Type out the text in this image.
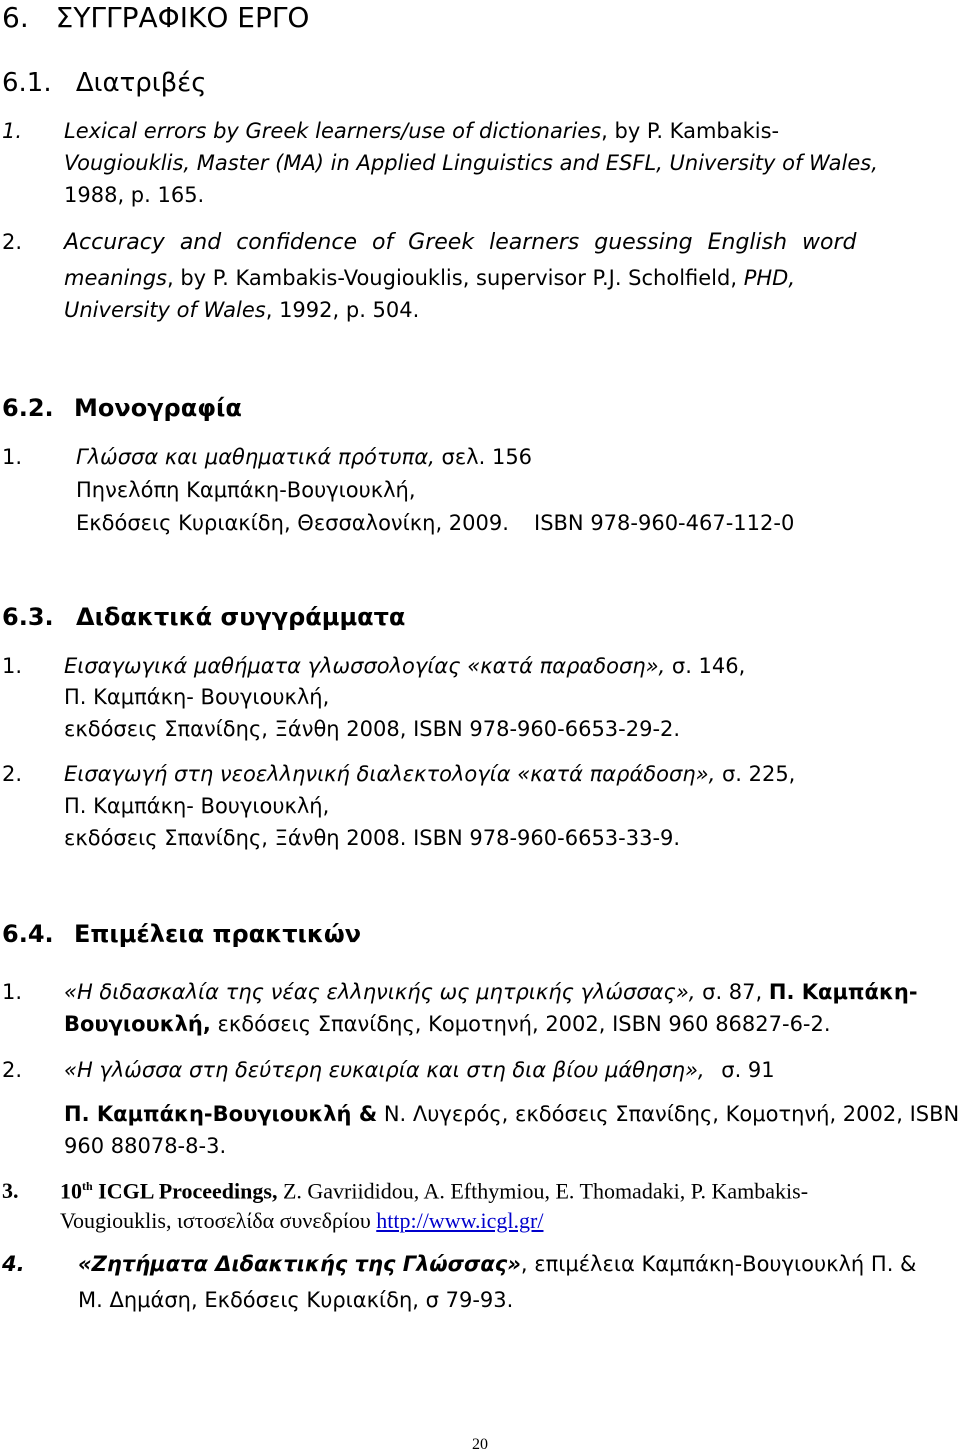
6. ΣΥΓΓΡΑΦΙΚΟ ΕΡΓΟ
6.1. Διατριβές
1. Lexical errors by Greek learners/use of dictionaries, by P. Kambakis-
Vougiouklis, Master (MA) in Applied Linguistics and ESFL, University of Wales,
1988, p. 165.
2. Accuracy and confidence of Greek learners guessing English word
meanings, by P. Kambakis-Vougiouklis, supervisor P.J. Scholfield, PHD,
University of Wales, 1992, p. 504.
6.2. Μονογραφία
1.	Γλώσσα και μαθηματικά πρότυπα, σελ. 156
Πηνελόπη Καμπάκη-Βουγιουκλή,
Εκδόσεις Κυριακίδη, Θεσσαλονίκη, 2009. ISBN 978-960-467-112-0
6.3. Διδακτικά συγγράμματα
1. Εισαγωγικά μαθήματα γλωσσολογίας «κατά παραδοση», σ. 146,
Π. Καμπάκη- Βουγιουκλή,
εκδόσεις Σπανίδης, Ξάνθη 2008, ISBN 978-960-6653-29-2.
2. Εισαγωγή στη νεοελληνική διαλεκτολογία «κατά παράδοση», σ. 225,
Π. Καμπάκη- Βουγιουκλή,
εκδόσεις Σπανίδης, Ξάνθη 2008. ISBN 978-960-6653-33-9.
6.4. Επιμέλεια πρακτικών
1. «Η διδασκαλία της νέας ελληνικής ως μητρικής γλώσσας», σ. 87, Π. Καμπάκη-
Βουγιουκλή, εκδόσεις Σπανίδης, Κομοτηνή, 2002, ISBN 960 86827-6-2.
2. «Η γλώσσα στη δεύτερη ευκαιρία και στη δια βίου μάθηση», σ. 91
Π. Καμπάκη-Βουγιουκλή & Ν. Λυγερός, εκδόσεις Σπανίδης, Κομοτηνή, 2002, ISBN
960 88078-8-3.
3. 10th ICGL Proceedings, Z. Gavriididou, A. Efthymiou, E. Thomadaki, P. Kambakis-
Vougiouklis, ιστοσελίδα συνεδρίου http://www.icgl.gr/
4.	«Ζητήματα Διδακτικής της Γλώσσας», επιμέλεια Καμπάκη-Βουγιουκλή Π. &
Μ. Δημάση, Εκδόσεις Κυριακίδη, σ 79-93.
20
